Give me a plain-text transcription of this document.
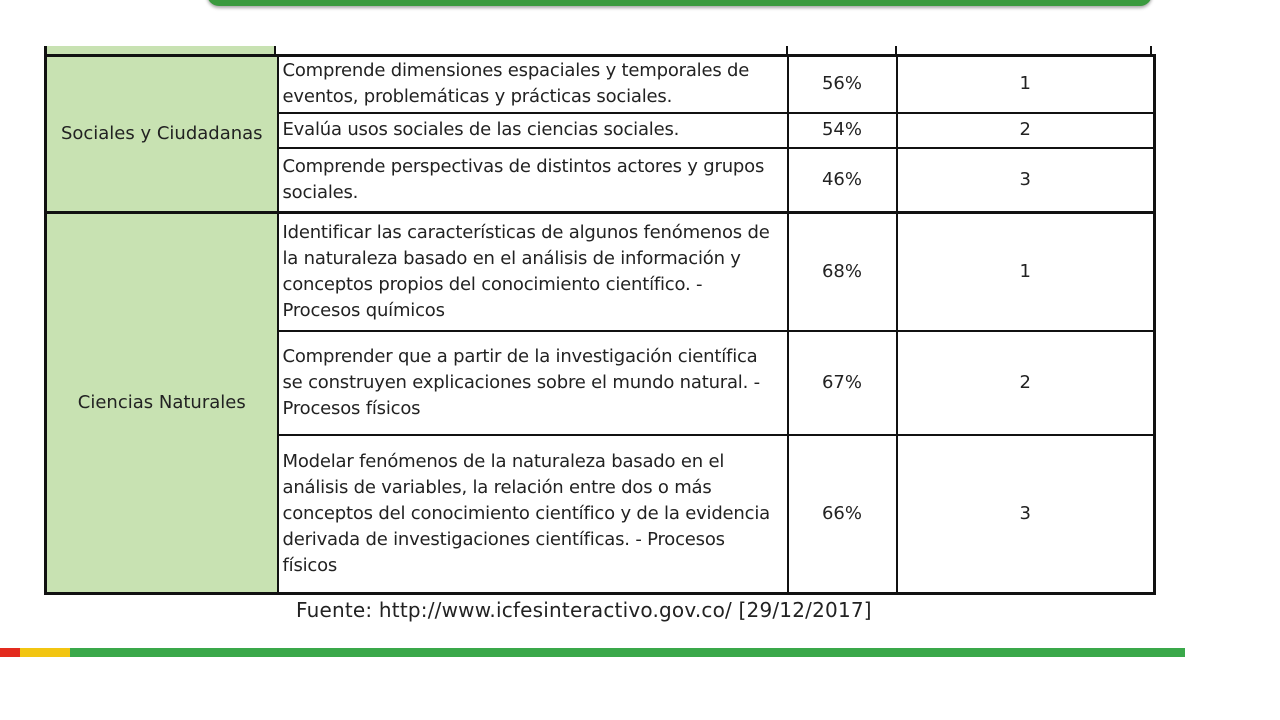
Sociales y Ciudadanas	Comprende dimensiones espaciales y temporales de eventos, problemáticas y prácticas sociales.	56%	1
	Evalúa usos sociales de las ciencias sociales.	54%	2
	Comprende perspectivas de distintos actores y grupos sociales.	46%	3
Ciencias Naturales	Identificar las características de algunos fenómenos de la naturaleza basado en el análisis de información y conceptos propios del conocimiento científico. - Procesos químicos	68%	1
	Comprender que a partir de la investigación científica se construyen explicaciones sobre el mundo natural. - Procesos físicos	67%	2
	Modelar fenómenos de la naturaleza basado en el análisis de variables, la relación entre dos o más conceptos del conocimiento científico y de la evidencia derivada de investigaciones científicas. - Procesos físicos	66%	3
Fuente: http://www.icfesinteractivo.gov.co/ [29/12/2017]
